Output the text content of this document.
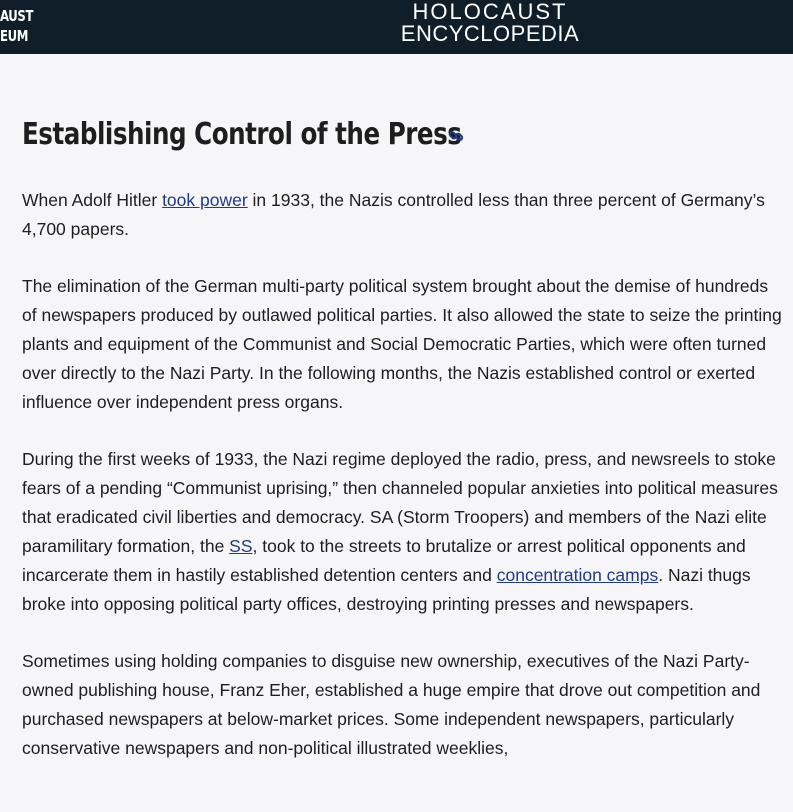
AUST
EUM
HOLOCAUST
ENCYCLOPEDIA
Establishing Control of the Press

When Adolf Hitler took power in 1933, the Nazis controlled less than three percent of Germany’s 4,700 papers.

The elimination of the German multi-party political system brought about the demise of hundreds of newspapers produced by outlawed political parties. It also allowed the state to seize the printing plants and equipment of the Communist and Social Democratic Parties, which were often turned over directly to the Nazi Party. In the following months, the Nazis established control or exerted influence over independent press organs.

During the first weeks of 1933, the Nazi regime deployed the radio, press, and newsreels to stoke fears of a pending “Communist uprising,” then channeled popular anxieties into political measures that eradicated civil liberties and democracy. SA (Storm Troopers) and members of the Nazi elite paramilitary formation, the SS, took to the streets to brutalize or arrest political opponents and incarcerate them in hastily established detention centers and concentration camps. Nazi thugs broke into opposing political party offices, destroying printing presses and newspapers.

Sometimes using holding companies to disguise new ownership, executives of the Nazi Party-owned publishing house, Franz Eher, established a huge empire that drove out competition and purchased newspapers at below-market prices. Some independent newspapers, particularly conservative newspapers and non-political illustrated weeklies,
